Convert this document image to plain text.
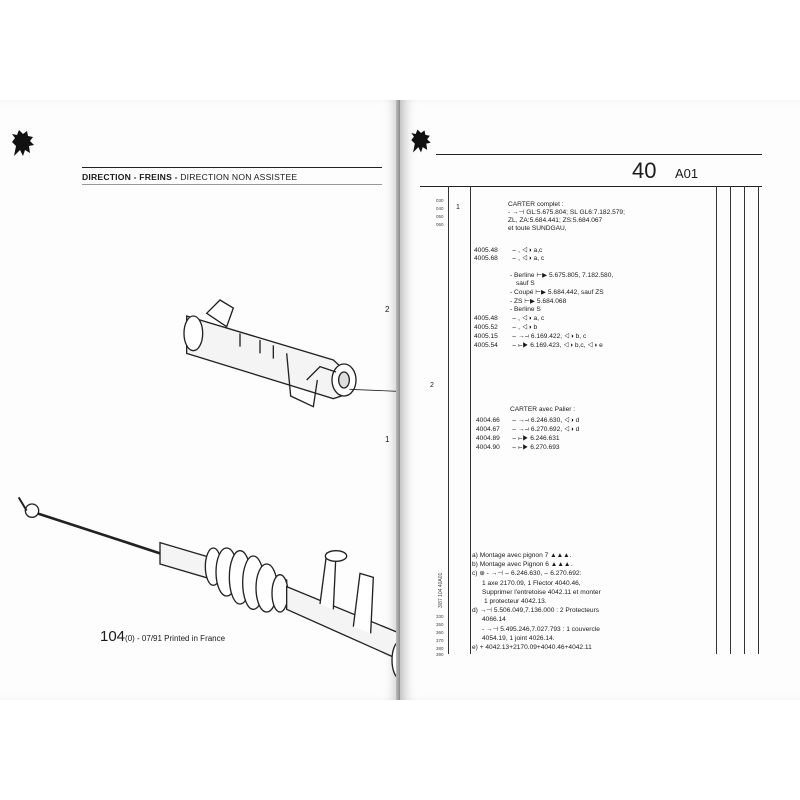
DIRECTION - FREINS - DIRECTION NON ASSISTEE
2
1
104(0) - 07/91 Printed in France
40 A01
030
040
050
060
1	CARTER complet :
- →⊣ GL:5.675.804; SL GL6:7.182.579;
ZL, ZA:5.684.441; ZS:5.684.067
et toute SUNDGAU,
4005.48 ⌢ , ◁◑ a,c
4005.68 ⌢ , ◁◑ a, c
- Berline ⊢▶ 5.675.805, 7.182.580,
sauf S
- Coupé ⊢▶ 5.684.442, sauf ZS
- ZS ⊢▶ 5.684.068
- Berline S
4005.48 ⌢ , ◁◑ a, c
4005.52 ⌢ , ◁◑ b
4005.15 ⌢ →⊣ 6.169.422, ◁◑ b, c
4005.54 ⌢ ⊢▶ 6.169.423, ◁◑ b,c, ◁◑ e
2
CARTER avec Palier :
4004.66 ⌢ →⊣ 6.246.630, ◁◑ d
4004.67 ⌢ →⊣ 6.270.692, ◁◑ d
4004.89 ⌢ ⊢▶ 6.246.631
4004.90 ⌢ ⊢▶ 6.270.693
3/87 104 40A01
330
350
360
370
380
390
a) Montage avec pignon 7 ▲▲▲.
b) Montage avec Pignon 6 ▲▲▲.
c) ⊕ - →⊣ ⌢ 6.246.630, ⌢ 6.270.692:
1 axe 2170.09, 1 Flector 4040.46,
Supprimer l'entretoise 4042.11 et monter
1 protecteur 4042.13.
d) →⊣ 5.506.049,7.136.000 : 2 Protecteurs
4066.14
- →⊣ 5.495.246,7.027.793 : 1 couvercle
4054.19, 1 joint 4026.14.
e) + 4042.13+2170.09+4040.46+4042.11
